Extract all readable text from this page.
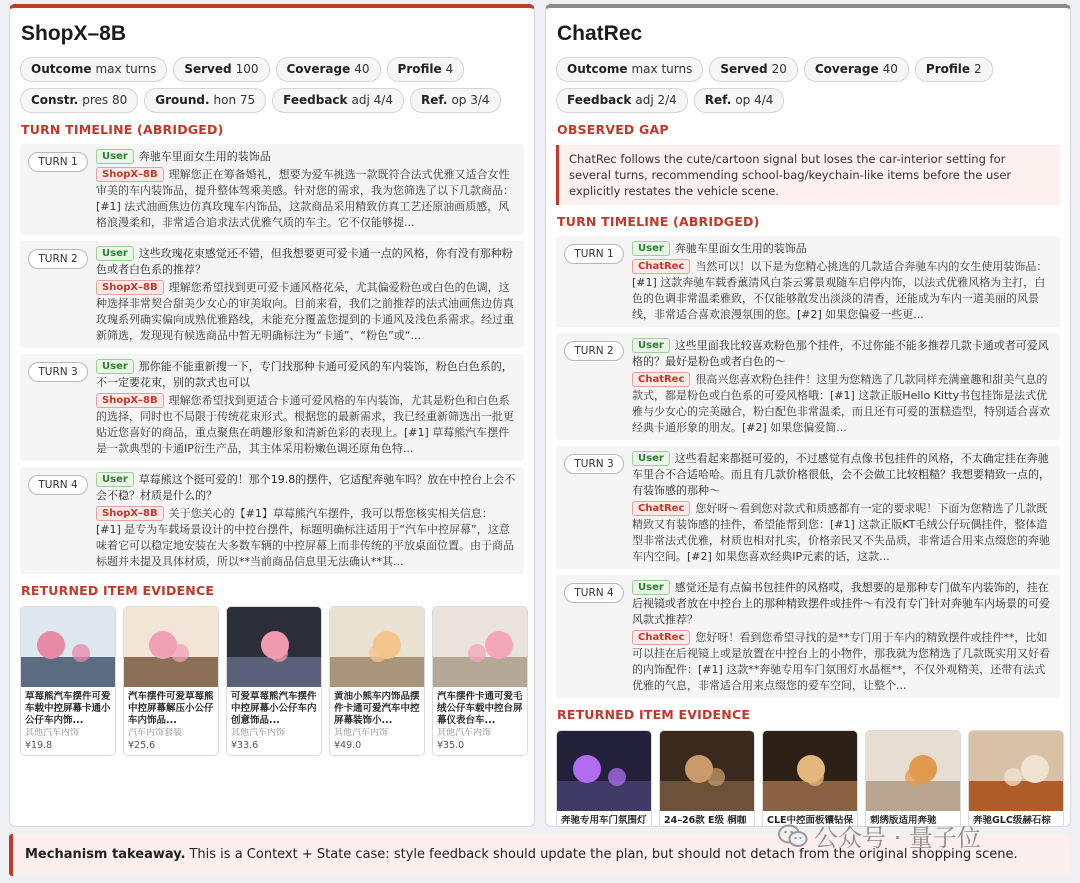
ShopX–8B
Outcome max turns	Served 100	Coverage 40	Profile 4
Constr. pres 80	Ground. hon 75	Feedback adj 4/4	Ref. op 3/4
TURN TIMELINE (ABRIDGED)
TURN 1	User 奔驰车里面女生用的装饰品
ShopX–8B 理解您正在筹备婚礼，想要为爱车挑选一款既符合法式优雅又适合女性审美的车内装饰品，提升整体驾乘美感。针对您的需求，我为您筛选了以下几款商品：[#1] 法式油画焦边仿真玫瑰车内饰品，这款商品采用精致仿真工艺还原油画质感，风格浪漫柔和，非常适合追求法式优雅气质的车主。它不仅能够提...
TURN 2	User 这些玫瑰花束感觉还不错，但我想要更可爱卡通一点的风格，你有没有那种粉色或者白色系的推荐？
ShopX–8B 理解您希望找到更可爱卡通风格花朵，尤其偏爱粉色或白色的色调，这种选择非常契合甜美少女心的审美取向。目前来看，我们之前推荐的法式油画焦边仿真玫瑰系列确实偏向成熟优雅路线，未能充分覆盖您提到的卡通风及浅色系需求。经过重新筛选，发现现有候选商品中暂无明确标注为“卡通”、“粉色”或“...
TURN 3	User 那你能不能重新搜一下，专门找那种卡通可爱风的车内装饰，粉色白色系的，不一定要花束，别的款式也可以
ShopX–8B 理解您希望找到更适合卡通可爱风格的车内装饰，尤其是粉色和白色系的选择，同时也不局限于传统花束形式。根据您的最新需求，我已经重新筛选出一批更贴近您喜好的商品，重点聚焦在萌趣形象和清新色彩的表现上。[#1] 草莓熊汽车摆件是一款典型的卡通IP衍生产品，其主体采用粉嫩色调还原角色特...
TURN 4	User 草莓熊这个挺可爱的！那个19.8的摆件，它适配奔驰车吗？放在中控台上会不会不稳？材质是什么的？
ShopX–8B 关于您关心的【#1】草莓熊汽车摆件，我可以帮您核实相关信息：[#1] 是专为车载场景设计的中控台摆件，标题明确标注适用于“汽车中控屏幕”，这意味着它可以稳定地安装在大多数车辆的中控屏幕上而非传统的平放桌面位置。由于商品标题并未提及具体材质，所以**当前商品信息里无法确认**其...
RETURNED ITEM EVIDENCE
草莓熊汽车摆件可爱车载中控屏幕卡通小公仔车内饰...
其他汽车内饰
¥19.8
汽车摆件可爱草莓熊中控屏幕解压小公仔车内饰品...
汽车内饰套装
¥25.6
可爱草莓熊汽车摆件中控屏幕小公仔车内创意饰品...
其他汽车内饰
¥33.6
黄油小熊车内饰品摆件卡通可爱汽车中控屏幕装饰小...
其他汽车内饰
¥49.0
汽车摆件卡通可爱毛绒公仔车载中控台屏幕仪表台车...
其他汽车内饰
¥35.0
ChatRec
Outcome max turns	Served 20	Coverage 40	Profile 2
Feedback adj 2/4	Ref. op 4/4
OBSERVED GAP
ChatRec follows the cute/cartoon signal but loses the car-interior setting for several turns, recommending school-bag/keychain-like items before the user explicitly restates the vehicle scene.
TURN TIMELINE (ABRIDGED)
TURN 1	User 奔驰车里面女生用的装饰品
ChatRec 当然可以！以下是为您精心挑选的几款适合奔驰车内的女生使用装饰品：[#1] 这款奔驰车载香薰清风白茶云雾景观随车启停内饰，以法式优雅风格为主打，白色的色调非常温柔雅致，不仅能够散发出淡淡的清香，还能成为车内一道美丽的风景线，非常适合喜欢浪漫氛围的您。[#2] 如果您偏爱一些更...
TURN 2	User 这些里面我比较喜欢粉色那个挂件，不过你能不能多推荐几款卡通或者可爱风格的？最好是粉色或者白色的～
ChatRec 很高兴您喜欢粉色挂件！这里为您精选了几款同样充满童趣和甜美气息的款式，都是粉色或白色系的可爱风格哦：[#1] 这款正版Hello Kitty书包挂饰是法式优雅与少女心的完美融合，粉白配色非常温柔，而且还有可爱的蛋糕造型，特别适合喜欢经典卡通形象的朋友。[#2] 如果您偏爱简...
TURN 3	User 这些看起来都挺可爱的，不过感觉有点像书包挂件的风格，不太确定挂在奔驰车里合不合适哈哈。而且有几款价格很低，会不会做工比较粗糙？我想要精致一点的，有装饰感的那种～
ChatRec 您好呀～看到您对款式和质感都有一定的要求呢！下面为您精选了几款既精致又有装饰感的挂件，希望能帮到您：[#1] 这款正版KT毛绒公仔玩偶挂件，整体造型非常法式优雅，材质也相对扎实，价格亲民又不失品质，非常适合用来点缀您的奔驰车内空间。[#2] 如果您喜欢经典IP元素的话，这款...
TURN 4	User 感觉还是有点偏书包挂件的风格哎，我想要的是那种专门做车内装饰的，挂在后视镜或者放在中控台上的那种精致摆件或挂件～有没有专门针对奔驰车内场景的可爱风款式推荐？
ChatRec 您好呀！看到您希望寻找的是**专门用于车内的精致摆件或挂件**，比如可以挂在后视镜上或是放置在中控台上的小物件，那我就为您精选了几款既实用又好看的内饰配件：[#1] 这款**奔驰专用车门氛围灯水晶框**，不仅外观精美，还带有法式优雅的气息，非常适合用来点缀您的爱车空间，让整个...
RETURNED ITEM EVIDENCE
奔驰专用车门氛围灯 24–26款 E级 桐咖	CLE中控面板镶钻保 刺绣版适用奔驰	奔驰GLC级赫石棕
Mechanism takeaway. This is a Context + State case: style feedback should update the plan, but should not detach from the original shopping scene.
公众号 · 量子位
